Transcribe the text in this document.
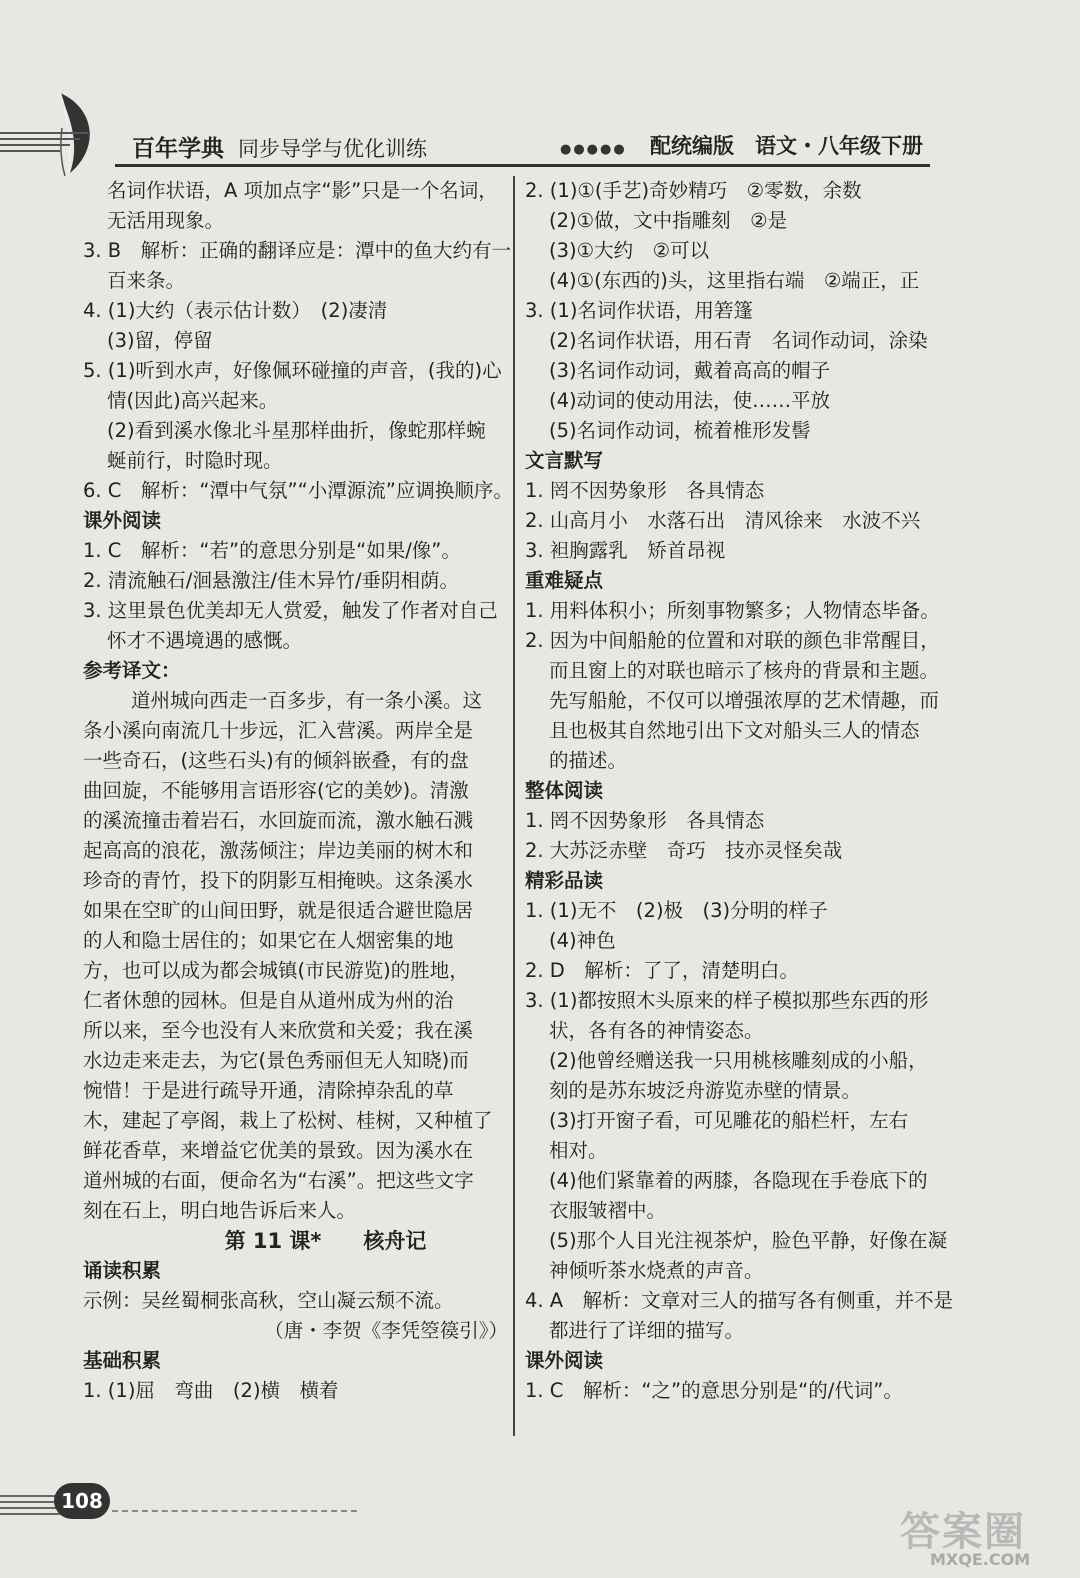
百年学典 同步导学与优化训练	●●●●● 配统编版　语文・八年级下册
名词作状语，A 项加点字“影”只是一个名词，
无活用现象。
3. B　解析：正确的翻译应是：潭中的鱼大约有一
百来条。
4. (1)大约（表示估计数）　(2)凄清
(3)留，停留
5. (1)听到水声，好像佩环碰撞的声音，(我的)心
情(因此)高兴起来。
(2)看到溪水像北斗星那样曲折，像蛇那样蜿
蜒前行，时隐时现。
6. C　解析：“潭中气氛”“小潭源流”应调换顺序。
课外阅读
1. C　解析：“若”的意思分别是“如果/像”。
2. 清流触石/洄悬激注/佳木异竹/垂阴相荫。
3. 这里景色优美却无人赏爱，触发了作者对自己
怀才不遇境遇的感慨。
参考译文：
道州城向西走一百多步，有一条小溪。这
条小溪向南流几十步远，汇入营溪。两岸全是
一些奇石，(这些石头)有的倾斜嵌叠，有的盘
曲回旋，不能够用言语形容(它的美妙)。清激
的溪流撞击着岩石，水回旋而流，激水触石溅
起高高的浪花，激荡倾注；岸边美丽的树木和
珍奇的青竹，投下的阴影互相掩映。这条溪水
如果在空旷的山间田野，就是很适合避世隐居
的人和隐士居住的；如果它在人烟密集的地
方，也可以成为都会城镇(市民游览)的胜地，
仁者休憩的园林。但是自从道州成为州的治
所以来，至今也没有人来欣赏和关爱；我在溪
水边走来走去，为它(景色秀丽但无人知晓)而
惋惜！于是进行疏导开通，清除掉杂乱的草
木，建起了亭阁，栽上了松树、桂树，又种植了
鲜花香草，来增益它优美的景致。因为溪水在
道州城的右面，便命名为“右溪”。把这些文字
刻在石上，明白地告诉后来人。
第 11 课*　　核舟记
诵读积累
示例：吴丝蜀桐张高秋，空山凝云颓不流。
（唐・李贺《李凭箜篌引》）
基础积累
1. (1)屈　弯曲　(2)横　横着
2. (1)①(手艺)奇妙精巧　②零数，余数
(2)①做，文中指雕刻　②是
(3)①大约　②可以
(4)①(东西的)头，这里指右端　②端正，正
3. (1)名词作状语，用箬篷
(2)名词作状语，用石青　名词作动词，涂染
(3)名词作动词，戴着高高的帽子
(4)动词的使动用法，使……平放
(5)名词作动词，梳着椎形发髻
文言默写
1. 罔不因势象形　各具情态
2. 山高月小　水落石出　清风徐来　水波不兴
3. 袒胸露乳　矫首昂视
重难疑点
1. 用料体积小；所刻事物繁多；人物情态毕备。
2. 因为中间船舱的位置和对联的颜色非常醒目，
而且窗上的对联也暗示了核舟的背景和主题。
先写船舱，不仅可以增强浓厚的艺术情趣，而
且也极其自然地引出下文对船头三人的情态
的描述。
整体阅读
1. 罔不因势象形　各具情态
2. 大苏泛赤壁　奇巧　技亦灵怪矣哉
精彩品读
1. (1)无不　(2)极　(3)分明的样子
(4)神色
2. D　解析：了了，清楚明白。
3. (1)都按照木头原来的样子模拟那些东西的形
状，各有各的神情姿态。
(2)他曾经赠送我一只用桃核雕刻成的小船，
刻的是苏东坡泛舟游览赤壁的情景。
(3)打开窗子看，可见雕花的船栏杆，左右
相对。
(4)他们紧靠着的两膝，各隐现在手卷底下的
衣服皱褶中。
(5)那个人目光注视茶炉，脸色平静，好像在凝
神倾听茶水烧煮的声音。
4. A　解析：文章对三人的描写各有侧重，并不是
都进行了详细的描写。
课外阅读
1. C　解析：“之”的意思分别是“的/代词”。
108
答案圈
MXQE.COM
